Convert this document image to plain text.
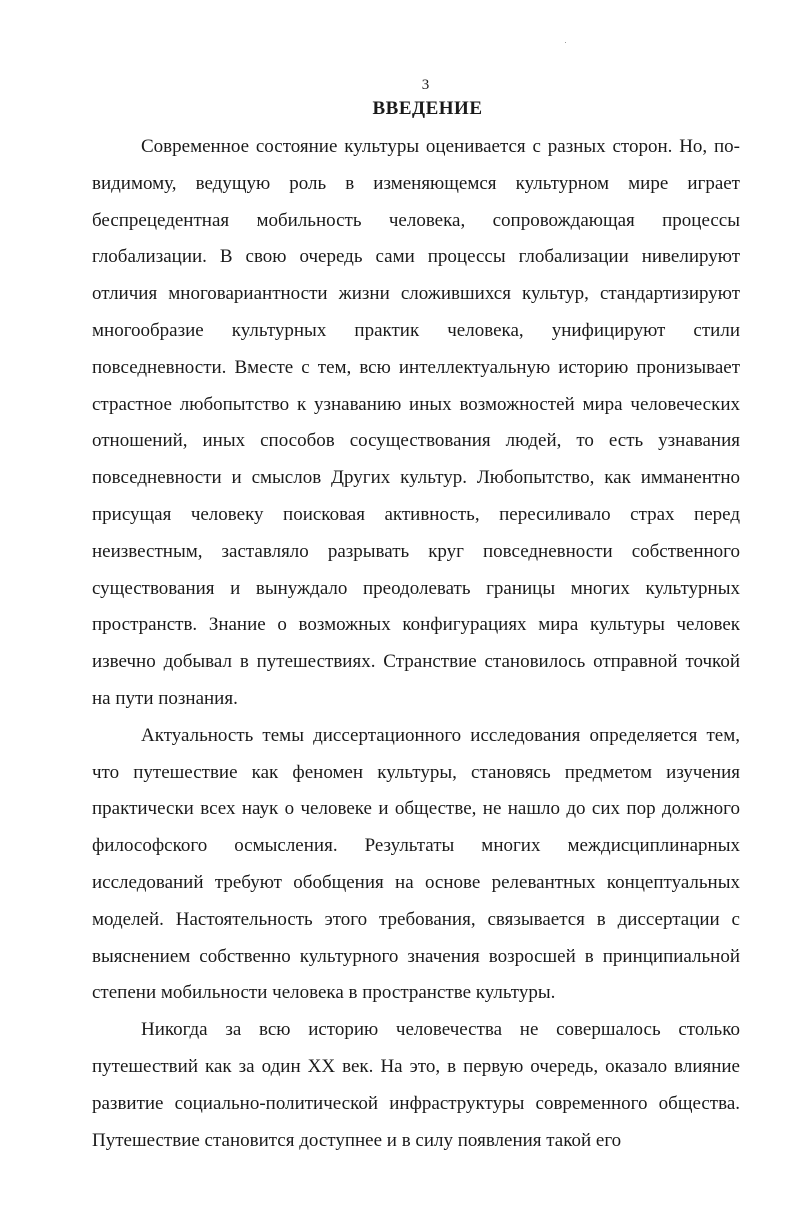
3
ВВЕДЕНИЕ

Современное состояние культуры оценивается с разных сторон. Но, по-видимому, ведущую роль в изменяющемся культурном мире играет беспрецедентная мобильность человека, сопровождающая процессы глобализации. В свою очередь сами процессы глобализации нивелируют отличия многовариантности жизни сложившихся культур, стандартизируют многообразие культурных практик человека, унифицируют стили повседневности. Вместе с тем, всю интеллектуальную историю пронизывает страстное любопытство к узнаванию иных возможностей мира человеческих отношений, иных способов сосуществования людей, то есть узнавания повседневности и смыслов Других культур. Любопытство, как имманентно присущая человеку поисковая активность, пересиливало страх перед неизвестным, заставляло разрывать круг повседневности собственного существования и вынуждало преодолевать границы многих культурных пространств. Знание о возможных конфигурациях мира культуры человек извечно добывал в путешествиях. Странствие становилось отправной точкой на пути познания.

Актуальность темы диссертационного исследования определяется тем, что путешествие как феномен культуры, становясь предметом изучения практически всех наук о человеке и обществе, не нашло до сих пор должного философского осмысления. Результаты многих междисциплинарных исследований требуют обобщения на основе релевантных концептуальных моделей. Настоятельность этого требования, связывается в диссертации с выяснением собственно культурного значения возросшей в принципиальной степени мобильности человека в пространстве культуры.

Никогда за всю историю человечества не совершалось столько путешествий как за один XX век. На это, в первую очередь, оказало влияние развитие социально-политической инфраструктуры современного общества. Путешествие становится доступнее и в силу появления такой его
